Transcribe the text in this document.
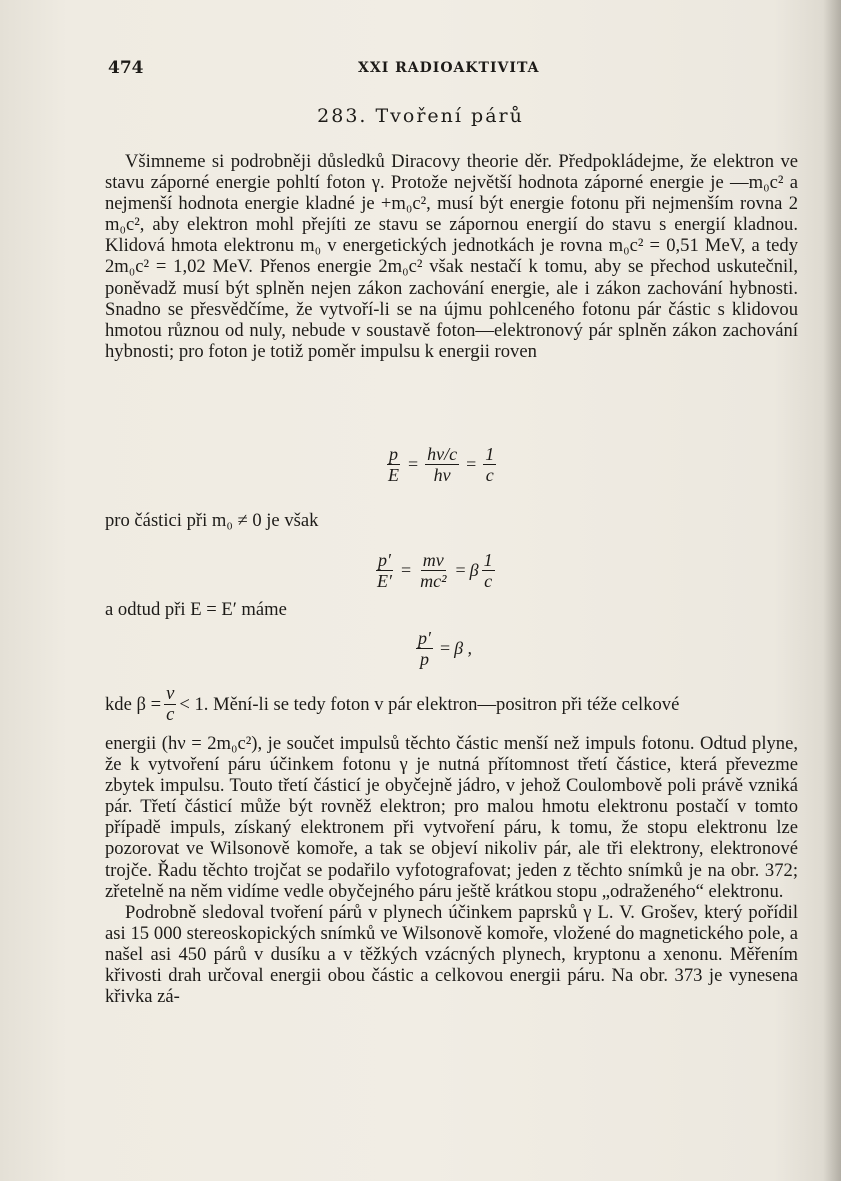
474	XXI RADIOAKTIVITA
283. Tvoření párů

Všimneme si podrobněji důsledků Diracovy theorie děr. Předpokládejme, že elektron ve stavu záporné energie pohltí foton γ. Protože největší hodnota záporné energie je —m₀c² a nejmenší hodnota energie kladné je +m₀c², musí být energie fotonu při nejmenším rovna 2 m₀c², aby elektron mohl přejíti ze stavu se zápornou energií do stavu s energií kladnou. Klidová hmota elektronu m₀ v energetických jednotkách je rovna m₀c² = 0,51 MeV, a tedy 2m₀c² = 1,02 MeV. Přenos energie 2m₀c² však nestačí k tomu, aby se přechod uskutečnil, poněvadž musí být splněn nejen zákon zachování energie, ale i zákon zachování hybnosti. Snadno se přesvědčíme, že vytvoří-li se na újmu pohlceného fotonu pár částic s klidovou hmotou různou od nuly, nebude v soustavě foton—elektronový pár splněn zákon zachování hybnosti; pro foton je totiž poměr impulsu k energii roven

$\frac{p}{E} = \frac{h\nu/c}{h\nu} = \frac{1}{c}$
pro částici při m₀ ≠ 0 je však
$\frac{p'}{E'} = \frac{mv}{\text{mc²}} = \beta \frac{1}{c}$
a odtud při E = E′ máme
$\frac{p'}{p} = \beta$ ,
kde $\beta = \frac{v}{c} < 1$. Mění-li se tedy foton v pár elektron—positron při téže celkové

energii (hν = 2m₀c²), je součet impulsů těchto částic menší než impuls fotonu. Odtud plyne, že k vytvoření páru účinkem fotonu γ je nutná přítomnost třetí částice, která převezme zbytek impulsu. Touto třetí částicí je obyčejně jádro, v jehož Coulombově poli právě vzniká pár. Třetí částicí může být rovněž elektron; pro malou hmotu elektronu postačí v tomto případě impuls, získaný elektronem při vytvoření páru, k tomu, že stopu elektronu lze pozorovat ve Wilsonově komoře, a tak se objeví nikoliv pár, ale tři elektrony, elektronové trojče. Řadu těchto trojčat se podařilo vyfotografovat; jeden z těchto snímků je na obr. 372; zřetelně na něm vidíme vedle obyčejného páru ještě krátkou stopu „odraženého“ elektronu.

Podrobně sledoval tvoření párů v plynech účinkem paprsků γ L. V. Grošev, který pořídil asi 15 000 stereoskopických snímků ve Wilsonově komoře, vložené do magnetického pole, a našel asi 450 párů v dusíku a v těžkých vzácných plynech, kryptonu a xenonu. Měřením křivosti drah určoval energii obou částic a celkovou energii páru. Na obr. 373 je vynesena křivka zá-
